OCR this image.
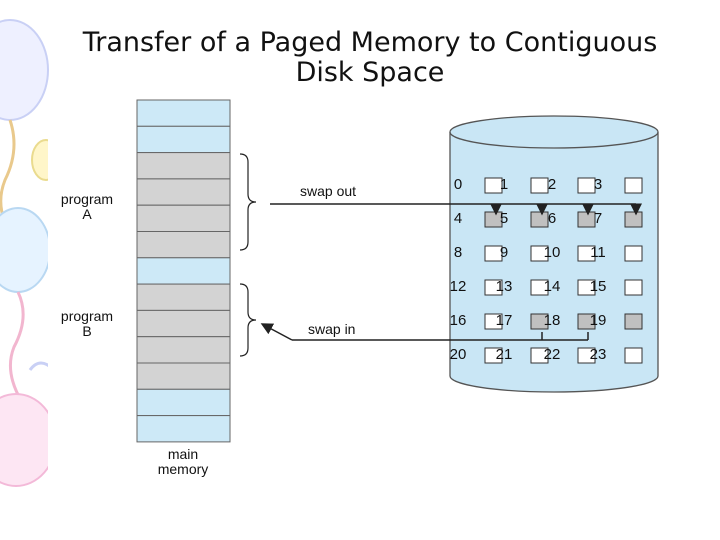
Transfer of a Paged Memory to Contiguous
Disk Space
program
A
program
B
swap out
swap in
main
memory
0	1	2	3
4	5	6	7
8	9	10 11
12 13 14 15
16 17 18 19
20 21 22 23
